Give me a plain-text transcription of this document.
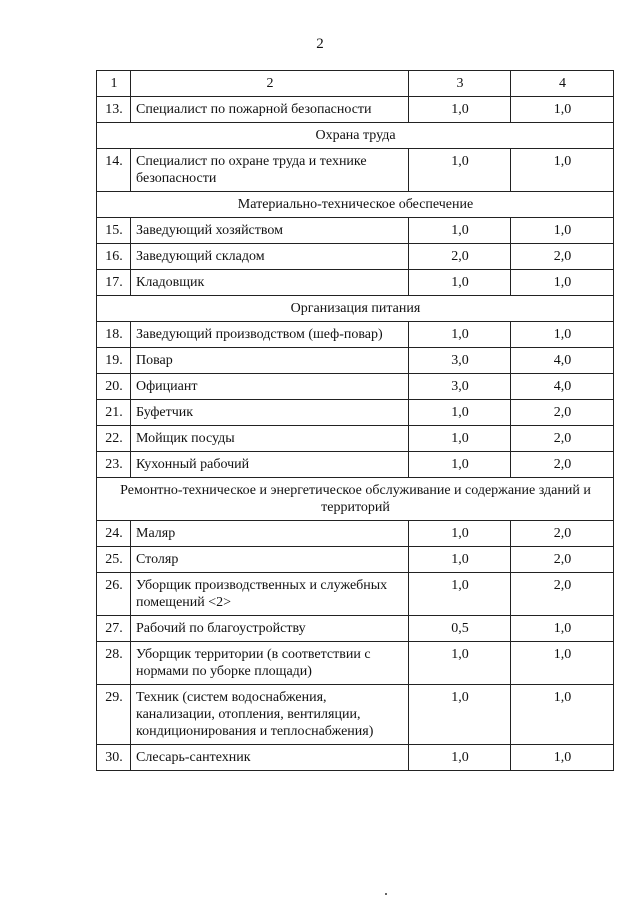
2
1	2	3	4
13.	Специалист по пожарной безопасности	1,0	1,0
Охрана труда			
14.	Специалист по охране труда и технике безопасности	1,0	1,0
Материально-техническое обеспечение			
15.	Заведующий хозяйством	1,0	1,0
16.	Заведующий складом	2,0	2,0
17.	Кладовщик	1,0	1,0
Организация питания			
18.	Заведующий производством (шеф-повар)	1,0	1,0
19.	Повар	3,0	4,0
20.	Официант	3,0	4,0
21.	Буфетчик	1,0	2,0
22.	Мойщик посуды	1,0	2,0
23.	Кухонный рабочий	1,0	2,0
Ремонтно-техническое и энергетическое обслуживание и содержание зданий и территорий			
24.	Маляр	1,0	2,0
25.	Столяр	1,0	2,0
26.	Уборщик производственных и служебных помещений <2>	1,0	2,0
27.	Рабочий по благоустройству	0,5	1,0
28.	Уборщик территории (в соответствии с нормами по уборке площади)	1,0	1,0
29.	Техник (систем водоснабжения, канализации, отопления, вентиляции, кондиционирования и теплоснабжения)	1,0	1,0
30.	Слесарь-сантехник	1,0	1,0
